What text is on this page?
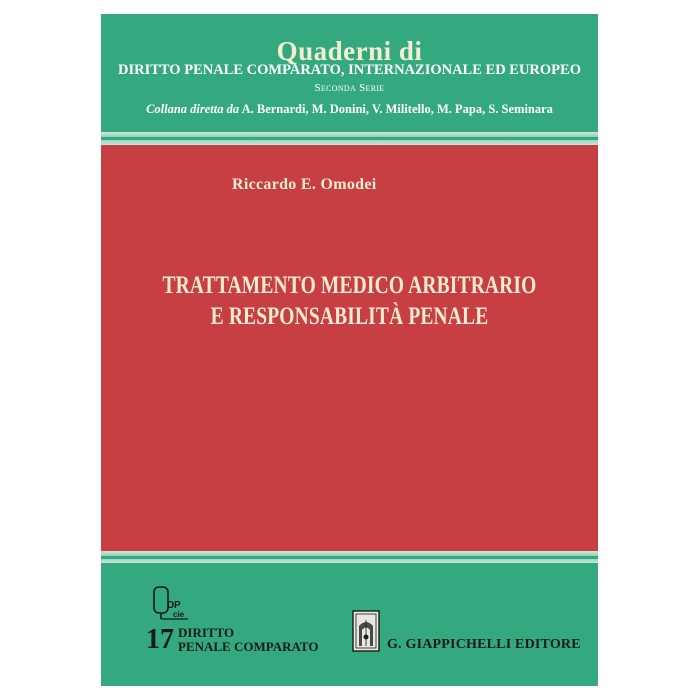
Quaderni di
DIRITTO PENALE COMPARATO, INTERNAZIONALE ED EUROPEO
Seconda Serie
Collana diretta da A. Bernardi, M. Donini, V. Militello, M. Papa, S. Seminara
Riccardo E. Omodei
TRATTAMENTO MEDICO ARBITRARIO
E RESPONSABILITÀ PENALE
D P
cie
17 DIRITTO
PENALE COMPARATO	G. GIAPPICHELLI EDITORE
